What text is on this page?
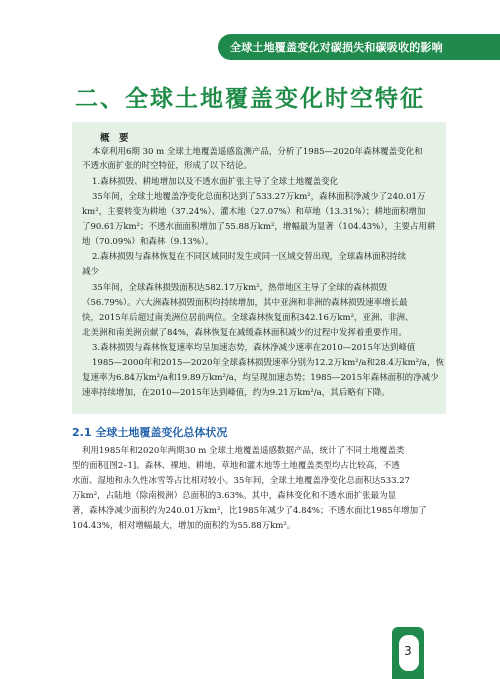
全球土地覆盖变化对碳损失和碳吸收的影响
二、全球土地覆盖变化时空特征
概　要
本章利用6期 30 m 全球土地覆盖遥感监测产品，分析了1985—2020年森林覆盖变化和
不透水面扩张的时空特征，形成了以下结论。
1.森林损毁、耕地增加以及不透水面扩张主导了全球土地覆盖变化
35年间，全球土地覆盖净变化总面积达到了533.27万km²，森林面积净减少了240.01万
km²，主要转变为耕地（37.24%）、灌木地（27.07%）和草地（13.31%）；耕地面积增加
了90.61万km²；不透水面面积增加了55.88万km²，增幅最为显著（104.43%），主要占用耕
地（70.09%）和森林（9.13%）。
2.森林损毁与森林恢复在不同区域同时发生或同一区域交替出现，全球森林面积持续
减少
35年间，全球森林损毁面积达582.17万km²，热带地区主导了全球的森林损毁
（56.79%）。六大洲森林损毁面积均持续增加，其中亚洲和非洲的森林损毁速率增长最
快，2015年后超过南美洲位居前两位。全球森林恢复面积342.16万km²，亚洲、非洲、
北美洲和南美洲贡献了84%，森林恢复在减缓森林面积减少的过程中发挥着重要作用。
3.森林损毁与森林恢复速率均呈加速态势，森林净减少速率在2010—2015年达到峰值
1985—2000年和2015—2020年全球森林损毁速率分别为12.2万km²/a和28.4万km²/a，恢
复速率为6.84万km²/a和19.89万km²/a，均呈现加速态势；1985—2015年森林面积的净减少
速率持续增加，在2010—2015年达到峰值，约为9.21万km²/a，其后略有下降。
2.1 全球土地覆盖变化总体状况
利用1985年和2020年两期30 m 全球土地覆盖遥感数据产品，统计了不同土地覆盖类
型的面积[图2–1]。森林、裸地、耕地、草地和灌木地等土地覆盖类型均占比较高，不透
水面、湿地和永久性冰雪等占比相对较小。35年间，全球土地覆盖净变化总面积达533.27
万km²，占陆地（除南极洲）总面积的3.63%。其中，森林变化和不透水面扩张最为显
著，森林净减少面积约为240.01万km²，比1985年减少了4.84%；不透水面比1985年增加了
104.43%，相对增幅最大，增加的面积约为55.88万km²。
3
